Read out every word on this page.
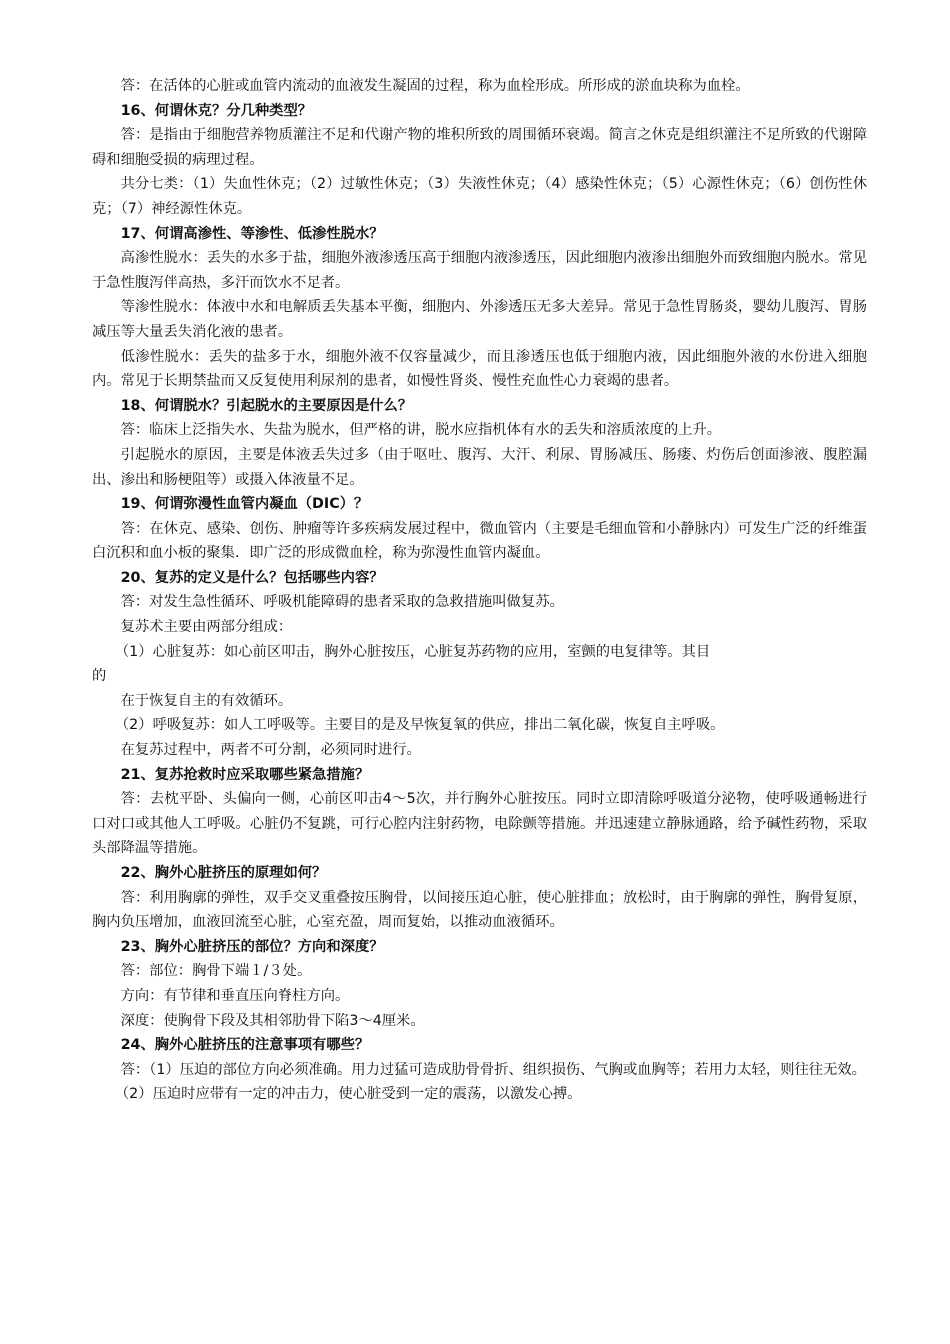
答：在活体的心脏或血管内流动的血液发生凝固的过程，称为血栓形成。所形成的淤血块称为血栓。

16、何谓休克？分几种类型？

答：是指由于细胞营养物质灌注不足和代谢产物的堆积所致的周围循环衰竭。简言之休克是组织灌注不足所致的代谢障碍和细胞受损的病理过程。

共分七类：（1）失血性休克；（2）过敏性休克；（3）失液性休克；（4）感染性休克；（5）心源性休克；（6）创伤性休克；（7）神经源性休克。

17、何谓高渗性、等渗性、低渗性脱水？

高渗性脱水：丢失的水多于盐，细胞外液渗透压高于细胞内液渗透压，因此细胞内液渗出细胞外而致细胞内脱水。常见于急性腹泻伴高热，多汗而饮水不足者。

等渗性脱水：体液中水和电解质丢失基本平衡，细胞内、外渗透压无多大差异。常见于急性胃肠炎，婴幼儿腹泻、胃肠减压等大量丢失消化液的患者。

低渗性脱水：丢失的盐多于水，细胞外液不仅容量减少，而且渗透压也低于细胞内液，因此细胞外液的水份进入细胞内。常见于长期禁盐而又反复使用利尿剂的患者，如慢性肾炎、慢性充血性心力衰竭的患者。

18、何谓脱水？引起脱水的主要原因是什么？

答：临床上泛指失水、失盐为脱水，但严格的讲，脱水应指机体有水的丢失和溶质浓度的上升。

引起脱水的原因，主要是体液丢失过多（由于呕吐、腹泻、大汗、利尿、胃肠减压、肠瘘、灼伤后创面渗液、腹腔漏出、渗出和肠梗阻等）或摄入体液量不足。

19、何谓弥漫性血管内凝血（DIC）？

答：在休克、感染、创伤、肿瘤等许多疾病发展过程中，微血管内（主要是毛细血管和小静脉内）可发生广泛的纤维蛋白沉积和血小板的聚集．即广泛的形成微血栓，称为弥漫性血管内凝血。

20、复苏的定义是什么？包括哪些内容？

答：对发生急性循环、呼吸机能障碍的患者采取的急救措施叫做复苏。

复苏术主要由两部分组成：

（1）心脏复苏：如心前区叩击，胸外心脏按压，心脏复苏药物的应用，室颤的电复律等。其目

的

在于恢复自主的有效循环。

（2）呼吸复苏：如人工呼吸等。主要目的是及早恢复氧的供应，排出二氧化碳，恢复自主呼吸。

在复苏过程中，两者不可分割，必须同时进行。

21、复苏抢救时应采取哪些紧急措施？

答：去枕平卧、头偏向一侧，心前区叩击4～5次，并行胸外心脏按压。同时立即清除呼吸道分泌物，使呼吸通畅进行口对口或其他人工呼吸。心脏仍不复跳，可行心腔内注射药物，电除颤等措施。并迅速建立静脉通路，给予碱性药物，采取头部降温等措施。

22、胸外心脏挤压的原理如何？

答：利用胸廓的弹性，双手交叉重叠按压胸骨，以间接压迫心脏，使心脏排血；放松时，由于胸廓的弹性，胸骨复原，胸内负压增加，血液回流至心脏，心室充盈，周而复始，以推动血液循环。

23、胸外心脏挤压的部位？方向和深度？

答：部位：胸骨下端１/３处。

方向：有节律和垂直压向脊柱方向。

深度：使胸骨下段及其相邻肋骨下陷3～4厘米。

24、胸外心脏挤压的注意事项有哪些？

答：（1）压迫的部位方向必须准确。用力过猛可造成肋骨骨折、组织损伤、气胸或血胸等；若用力太轻，则往往无效。

（2）压迫时应带有一定的冲击力，使心脏受到一定的震荡，以激发心搏。
